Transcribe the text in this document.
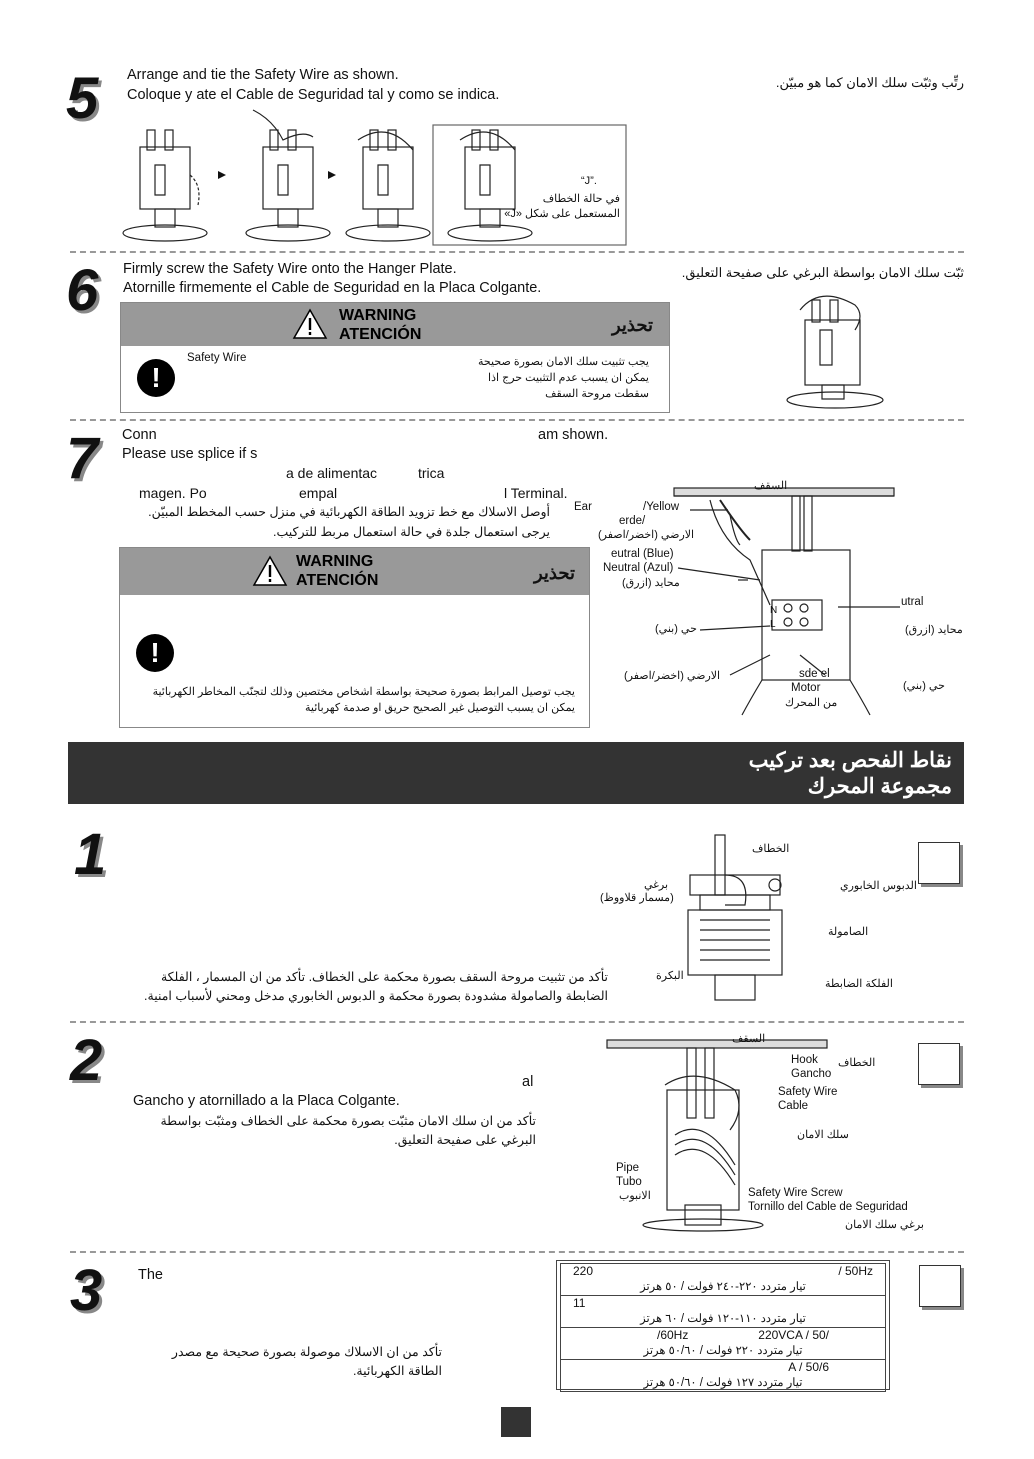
5 Arrange and tie the Safety Wire as shown.
Coloque y ate el Cable de Seguridad tal y como se indica.
رتِّب وثبّت سلك الامان كما هو مبيّن.
“J”.
في حالة الخطاف
المستعمل على شكل «J»
6 Firmly screw the Safety Wire onto the Hanger Plate.
Atornille firmemente el Cable de Seguridad en la Placa Colgante.
ثبّت سلك الامان بواسطة البرغي على صفيحة التعليق.
WARNING
ATENCIÓN	تحذير
!
Safety Wire	يجب تثبيت سلك الامان بصورة صحيحة
يمكن ان يسبب عدم التثبيت حرج اذا
سقطت مروحة السقف
7 Conn	am shown.
Please use splice if s
a de alimentac	trica
magen. Po	empal	l Terminal.
أوصل الاسلاك مع خط تزويد الطاقة الكهربائية في منزل حسب المخطط المبيّن.
يرجى استعمال جلدة في حالة استعمال مربط للتركيب.
WARNING
ATENCIÓN	تحذير
!
يجب توصيل المرابط بصورة صحيحة بواسطة اشخاص مختصين وذلك لتجنّب المخاطر الكهربائية
يمكن ان يسبب التوصيل غير الصحيح حريق او صدمة كهربائية
السقف
Ear	/Yellow
erde/
الارضي (اخضر/اصفر)
eutral (Blue)
Neutral (Azul)
محايد (ازرق)
حي (بني)
utral
محايد (ازرق)
الارضي (اخضر/اصفر)	sde el
Motor
من المحرك
حي (بني)
N
L
نقاط الفحص بعد تركيب
مجموعة المحرك
1
تأكد من تثبيت مروحة السقف بصورة محكمة على الخطاف. تأكد من ان المسمار ، الفلكة
الضابطة والصامولة مشدودة بصورة محكمة و الدبوس الخابوري مدخل ومحني لأسباب امنية.
الخطاف
برغي
(مسمار قلاووظ)
الدبوس الخابوري
الصامولة
البكرة
الفلكة الضابطة
2	al
Gancho y atornillado a la Placa Colgante.
تأكد من ان سلك الامان مثبّت بصورة محكمة على الخطاف ومثبّت بواسطة
البرغي على صفيحة التعليق.
السقف
Hook
Gancho
الخطاف
Safety Wire
Cable
سلك الامان
Pipe
Tubo
الانبوب	Safety Wire Screw
Tornillo del Cable de Seguridad
برغي سلك الامان
3 The
تأكد من ان الاسلاك موصولة بصورة صحيحة مع مصدر
الطاقة الكهربائية.
220	/ 50Hz
تيار متردد ٢٢٠-٢٤٠ فولت / ٥٠ هرتز

11
تيار متردد ١١٠-١٢٠ فولت / ٦٠ هرتز

/60Hz	220VCA / 50/
تيار متردد ٢٢٠ فولت / ٥٠/٦٠ هرتز

A / 50/6
تيار متردد ١٢٧ فولت / ٥٠/٦٠ هرتز
